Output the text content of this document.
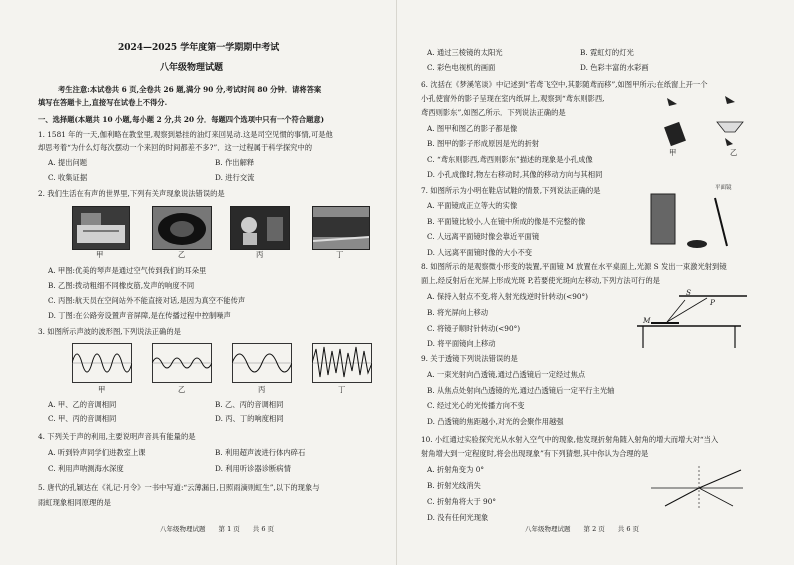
2024—2025 学年度第一学期期中考试
八年级物理试题
考生注意:本试卷共 6 页,全卷共 26 题,满分 90 分,考试时间 80 分钟．请将答案
填写在答题卡上,直接写在试卷上不得分.
一、选择题(本题共 10 小题,每小题 2 分,共 20 分．每题四个选项中只有一个符合题意)
1. 1581 年的一天,伽利略在教堂里,观察到悬挂的油灯来回晃动.这是司空见惯的事情,可是他
却思考着“为什么灯每次摆动一个来回的时间都差不多?”．这一过程属于科学探究中的
A. 提出问题	B. 作出解释
C. 收集证据	D. 进行交流
2. 我们生活在有声的世界里,下列有关声现象说法错误的是
甲	乙	丙	丁
A. 甲图:优美的琴声是通过空气传到我们的耳朵里
B. 乙图:拨动粗细不同橡皮筋,发声的响度不同
C. 丙图:航天员在空间站外不能直接对话,是因为真空不能传声
D. 丁图:在公路旁设置声音屏障,是在传播过程中控制噪声
3. 如图所示声波的波形图,下列说法正确的是
甲	乙	丙	丁
A. 甲、乙的音调相同	B. 乙、丙的音调相同
C. 甲、丙的音调相同	D. 丙、丁的响度相同
4. 下列关于声的利用,主要说明声音具有能量的是
A. 听到铃声同学们进教室上课	B. 利用超声波进行体内碎石
C. 利用声呐测海水深度	D. 利用听诊器诊断病情
5. 唐代的孔颖达在《礼记·月令》一书中写道:“云薄漏日,日照雨滴则虹生”,以下的现象与
雨虹现象相同原理的是
八年级物理试题　　第 1 页　　共 6 页
A. 通过三棱镜的太阳光	B. 霓虹灯的灯光
C. 彩色电视机的画面	D. 色彩丰富的水彩画
6. 沈括在《梦溪笔谈》中记述到“若鸢飞空中,其影随鸢而移”,如图甲所示;在纸窗上开一个
小孔使窗外的影子呈现在室内纸屏上,观察到“鸢东则影西,
鸢西则影东”,如图乙所示．下列说法正确的是
A. 图甲和图乙的影子都是像
B. 图甲的影子形成原因是光的折射
C. “鸢东则影西,鸢西则影东”描述的现象是小孔成像
D. 小孔成像时,物左右移动时,其像的移动方向与其相同
甲	乙
7. 如图所示为小明在鞋店试鞋的情景,下列说法正确的是
A. 平面镜成正立等大的实像
B. 平面镜比较小,人在镜中所成的像是不完整的像
C. 人远离平面镜时像会靠近平面镜
D. 人远离平面镜时像的大小不变
平面镜
8. 如图所示的是观察微小形变的装置,平面镜 M 放置在水平桌面上,光源 S 发出一束激光射到镜
面上,经反射后在光屏上形成光斑 P,若要使光斑向左移动,下列方法可行的是
A. 保持入射点不变,将入射光线逆时针转动(<90°)
B. 将光屏向上移动
C. 将镜子顺时针转动(<90°)
D. 将平面镜向上移动
S
P
M
9. 关于透镜下列说法错误的是
A. 一束光射向凸透镜,通过凸透镜后一定经过焦点
B. 从焦点处射向凸透镜的光,通过凸透镜后一定平行主光轴
C. 经过光心的光传播方向不变
D. 凸透镜的焦距越小,对光的会聚作用越强
10. 小红通过实验探究光从水射入空气中的现象,他发现折射角随入射角的增大而增大对“当入
射角增大到一定程度时,将会出现现象”有下列猜想,其中你认为合理的是
A. 折射角变为 0°
B. 折射光线消失
C. 折射角将大于 90°
D. 没有任何光现象
八年级物理试题　　第 2 页　　共 6 页
